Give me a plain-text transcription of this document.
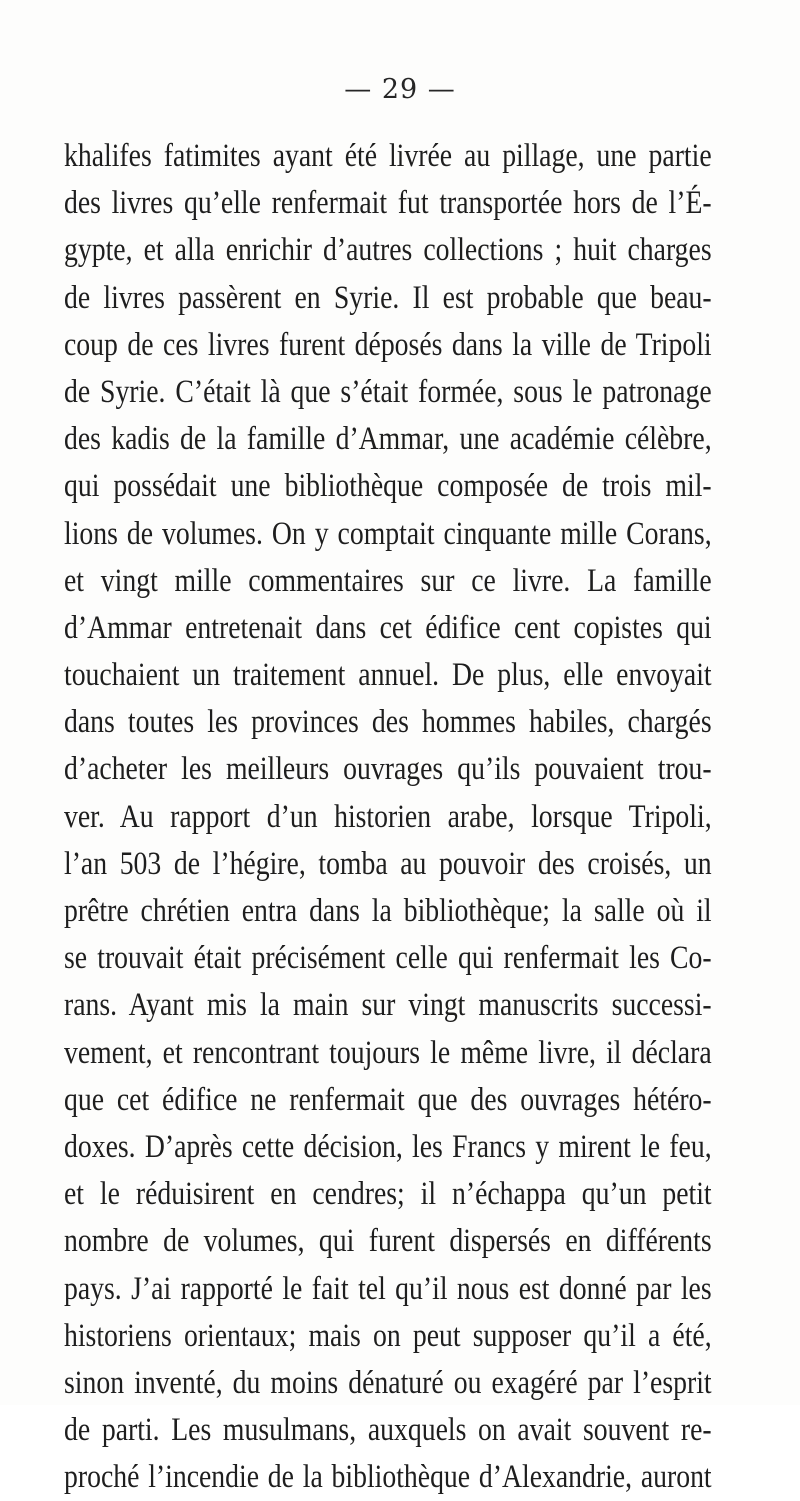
— 29 —
khalifes fatimites ayant été livrée au pillage, une partie
des livres qu’elle renfermait fut transportée hors de l’É-
gypte, et alla enrichir d’autres collections ; huit charges
de livres passèrent en Syrie. Il est probable que beau-
coup de ces livres furent déposés dans la ville de Tripoli
de Syrie. C’était là que s’était formée, sous le patronage
des kadis de la famille d’Ammar, une académie célèbre,
qui possédait une bibliothèque composée de trois mil-
lions de volumes. On y comptait cinquante mille Corans,
et vingt mille commentaires sur ce livre. La famille
d’Ammar entretenait dans cet édifice cent copistes qui
touchaient un traitement annuel. De plus, elle envoyait
dans toutes les provinces des hommes habiles, chargés
d’acheter les meilleurs ouvrages qu’ils pouvaient trou-
ver. Au rapport d’un historien arabe, lorsque Tripoli,
l’an 503 de l’hégire, tomba au pouvoir des croisés, un
prêtre chrétien entra dans la bibliothèque; la salle où il
se trouvait était précisément celle qui renfermait les Co-
rans. Ayant mis la main sur vingt manuscrits successi-
vement, et rencontrant toujours le même livre, il déclara
que cet édifice ne renfermait que des ouvrages hétéro-
doxes. D’après cette décision, les Francs y mirent le feu,
et le réduisirent en cendres; il n’échappa qu’un petit
nombre de volumes, qui furent dispersés en différents
pays. J’ai rapporté le fait tel qu’il nous est donné par les
historiens orientaux; mais on peut supposer qu’il a été,
sinon inventé, du moins dénaturé ou exagéré par l’esprit
de parti. Les musulmans, auxquels on avait souvent re-
proché l’incendie de la bibliothèque d’Alexandrie, auront
